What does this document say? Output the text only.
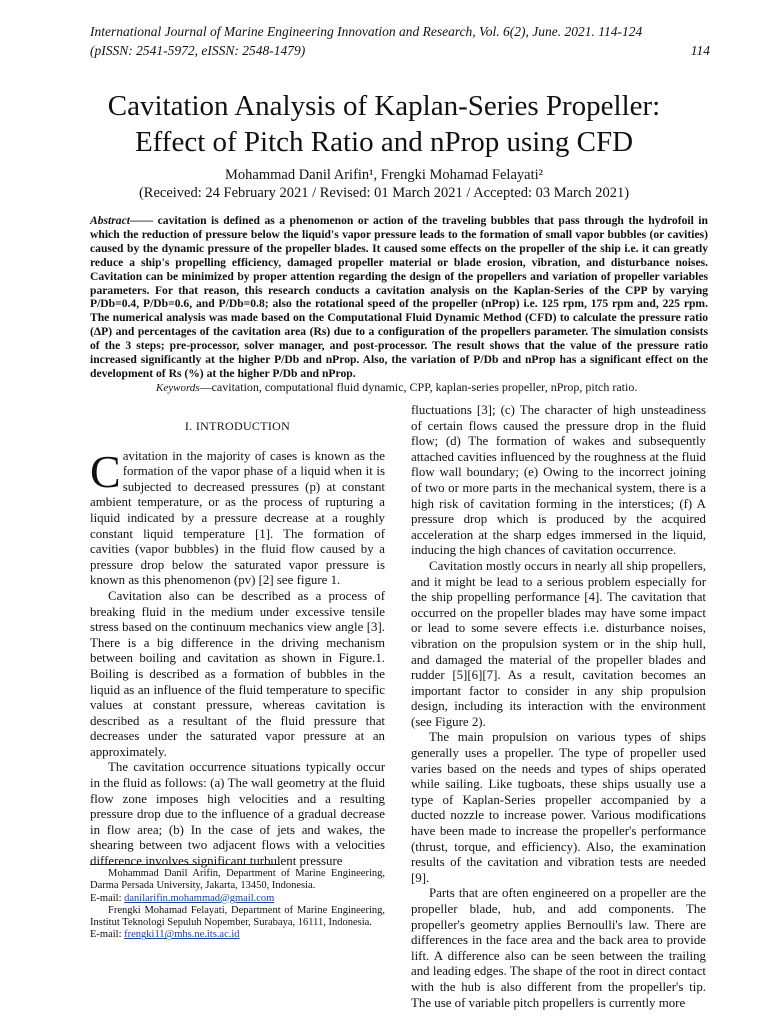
International Journal of Marine Engineering Innovation and Research, Vol. 6(2), June. 2021. 114-124
(pISSN: 2541-5972, eISSN: 2548-1479)	114
Cavitation Analysis of Kaplan-Series Propeller:
Effect of Pitch Ratio and nProp using CFD
Mohammad Danil Arifin¹, Frengki Mohamad Felayati²
(Received: 24 February 2021 / Revised: 01 March 2021 / Accepted: 03 March 2021)
Abstract—— cavitation is defined as a phenomenon or action of the traveling bubbles that pass through the hydrofoil in which the reduction of pressure below the liquid's vapor pressure leads to the formation of small vapor bubbles (or cavities) caused by the dynamic pressure of the propeller blades. It caused some effects on the propeller of the ship i.e. it can greatly reduce a ship's propelling efficiency, damaged propeller material or blade erosion, vibration, and disturbance noises. Cavitation can be minimized by proper attention regarding the design of the propellers and variation of propeller variables parameters. For that reason, this research conducts a cavitation analysis on the Kaplan-Series of the CPP by varying P/Db=0.4, P/Db=0.6, and P/Db=0.8; also the rotational speed of the propeller (nProp) i.e. 125 rpm, 175 rpm and, 225 rpm. The numerical analysis was made based on the Computational Fluid Dynamic Method (CFD) to calculate the pressure ratio (ΔP) and percentages of the cavitation area (Rs) due to a configuration of the propellers parameter. The simulation consists of the 3 steps; pre-processor, solver manager, and post-processor. The result shows that the value of the pressure ratio increased significantly at the higher P/Db and nProp. Also, the variation of P/Db and nProp has a significant effect on the development of Rs (%) at the higher P/Db and nProp.
Keywords—cavitation, computational fluid dynamic, CPP, kaplan-series propeller, nProp, pitch ratio.
I. INTRODUCTION

Cavitation in the majority of cases is known as the formation of the vapor phase of a liquid when it is subjected to decreased pressures (p) at constant ambient temperature, or as the process of rupturing a liquid indicated by a pressure decrease at a roughly constant liquid temperature [1]. The formation of cavities (vapor bubbles) in the fluid flow caused by a pressure drop below the saturated vapor pressure is known as this phenomenon (pv) [2] see figure 1.

Cavitation also can be described as a process of breaking fluid in the medium under excessive tensile stress based on the continuum mechanics view angle [3]. There is a big difference in the driving mechanism between boiling and cavitation as shown in Figure.1. Boiling is described as a formation of bubbles in the liquid as an influence of the fluid temperature to specific values at constant pressure, whereas cavitation is described as a resultant of the fluid pressure that decreases under the saturated vapor pressure at an approximately.

The cavitation occurrence situations typically occur in the fluid as follows: (a) The wall geometry at the fluid flow zone imposes high velocities and a resulting pressure drop due to the influence of a gradual decrease in flow area; (b) In the case of jets and wakes, the shearing between two adjacent flows with a velocities difference involves significant turbulent pressure

fluctuations [3]; (c) The character of high unsteadiness of certain flows caused the pressure drop in the fluid flow; (d) The formation of wakes and subsequently attached cavities influenced by the roughness at the fluid flow wall boundary; (e) Owing to the incorrect joining of two or more parts in the mechanical system, there is a high risk of cavitation forming in the interstices; (f) A pressure drop which is produced by the acquired acceleration at the sharp edges immersed in the liquid, inducing the high chances of cavitation occurrence.

Cavitation mostly occurs in nearly all ship propellers, and it might be lead to a serious problem especially for the ship propelling performance [4]. The cavitation that occurred on the propeller blades may have some impact or lead to some severe effects i.e. disturbance noises, vibration on the propulsion system or in the ship hull, and damaged the material of the propeller blades and rudder [5][6][7]. As a result, cavitation becomes an important factor to consider in any ship propulsion design, including its interaction with the environment (see Figure 2).

The main propulsion on various types of ships generally uses a propeller. The type of propeller used varies based on the needs and types of ships operated while sailing. Like tugboats, these ships usually use a type of Kaplan-Series propeller accompanied by a ducted nozzle to increase power. Various modifications have been made to increase the propeller's performance (thrust, torque, and efficiency). Also, the examination results of the cavitation and vibration tests are needed [9].

Parts that are often engineered on a propeller are the propeller blade, hub, and add components. The propeller's geometry applies Bernoulli's law. There are differences in the face area and the back area to provide lift. A difference also can be seen between the trailing and leading edges. The shape of the root in direct contact with the hub is also different from the propeller's tip. The use of variable pitch propellers is currently more

Mohammad Danil Arifin, Department of Marine Engineering, Darma Persada University, Jakarta, 13450, Indonesia.

E-mail: danilarifin.mohammad@gmail.com

Frengki Mohamad Felayati, Department of Marine Engineering, Institut Teknologi Sepuluh Nopember, Surabaya, 16111, Indonesia.

E-mail: frengki11@mhs.ne.its.ac.id
